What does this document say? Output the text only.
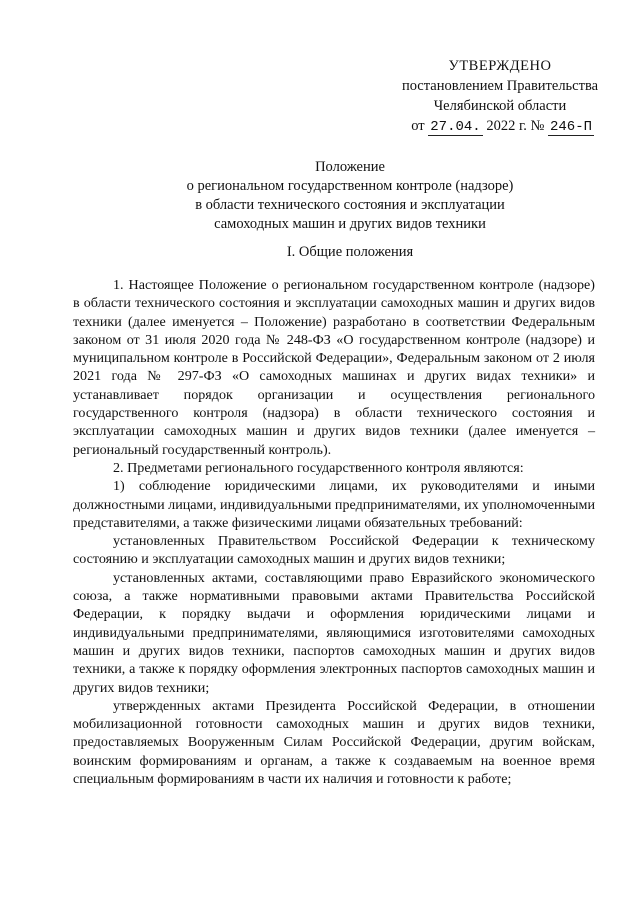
УТВЕРЖДЕНО
постановлением Правительства
Челябинской области
от 27.04. 2022 г. № 246-П
Положение
о региональном государственном контроле (надзоре)
в области технического состояния и эксплуатации
самоходных машин и других видов техники
I. Общие положения

1. Настоящее Положение о региональном государственном контроле (надзоре) в области технического состояния и эксплуатации самоходных машин и других видов техники (далее именуется – Положение) разработано в соответствии Федеральным законом от 31 июля 2020 года № 248-ФЗ «О государственном контроле (надзоре) и муниципальном контроле в Российской Федерации», Федеральным законом от 2 июля 2021 года № 297-ФЗ «О самоходных машинах и других видах техники» и устанавливает порядок организации и осуществления регионального государственного контроля (надзора) в области технического состояния и эксплуатации самоходных машин и других видов техники (далее именуется – региональный государственный контроль).

2. Предметами регионального государственного контроля являются:

1) соблюдение юридическими лицами, их руководителями и иными должностными лицами, индивидуальными предпринимателями, их уполномоченными представителями, а также физическими лицами обязательных требований:

установленных Правительством Российской Федерации к техническому состоянию и эксплуатации самоходных машин и других видов техники;

установленных актами, составляющими право Евразийского экономического союза, а также нормативными правовыми актами Правительства Российской Федерации, к порядку выдачи и оформления юридическими лицами и индивидуальными предпринимателями, являющимися изготовителями самоходных машин и других видов техники, паспортов самоходных машин и других видов техники, а также к порядку оформления электронных паспортов самоходных машин и других видов техники;

утвержденных актами Президента Российской Федерации, в отношении мобилизационной готовности самоходных машин и других видов техники, предоставляемых Вооруженным Силам Российской Федерации, другим войскам, воинским формированиям и органам, а также к создаваемым на военное время специальным формированиям в части их наличия и готовности к работе;
